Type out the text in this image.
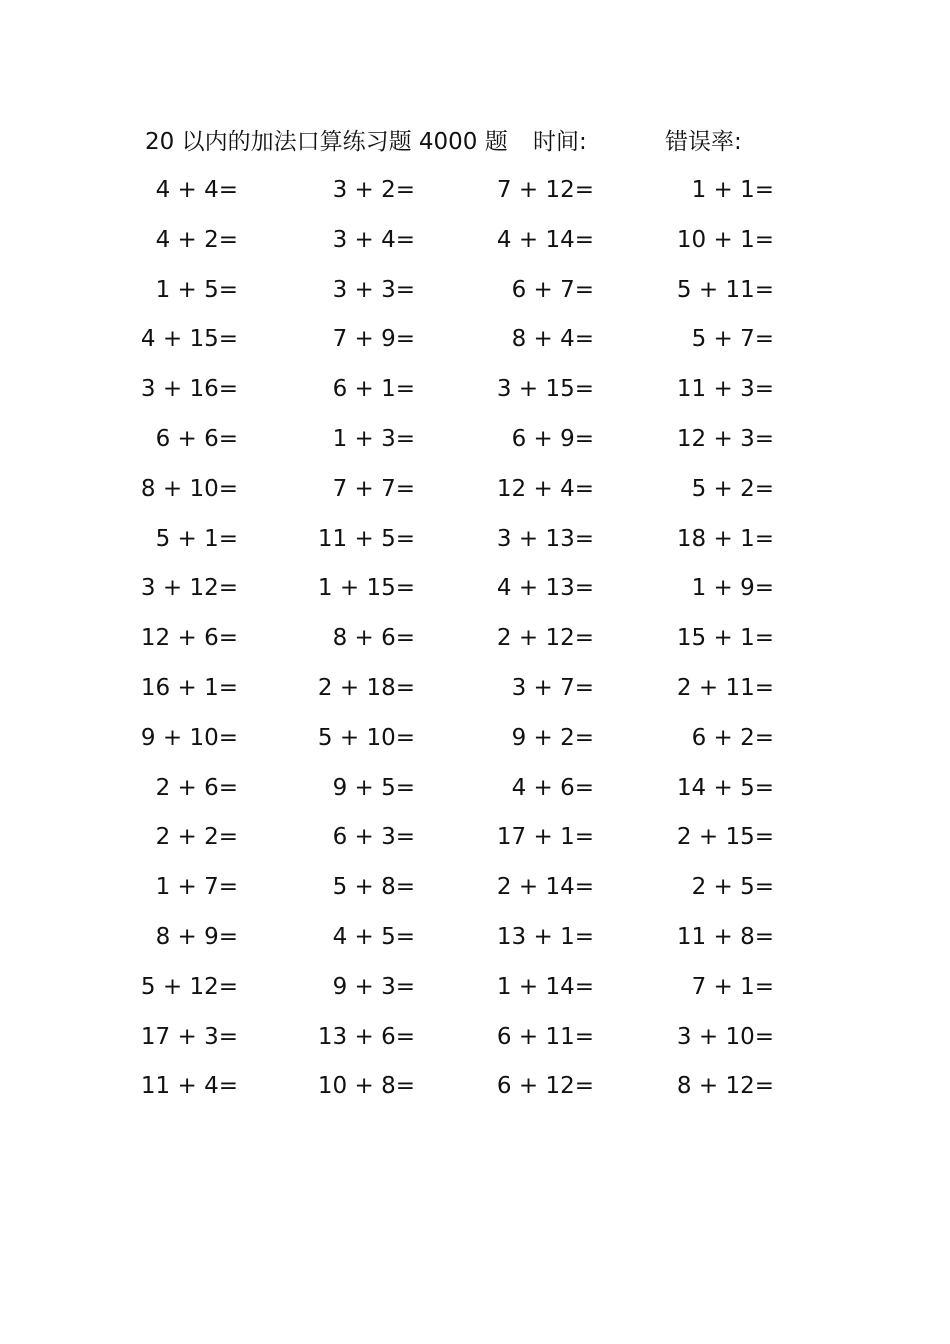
20 以内的加法口算练习题 4000 题 时间:	错误率:
4 + 4=	3 + 2=	7 + 12=	1 + 1=
4 + 2=	3 + 4=	4 + 14=	10 + 1=
1 + 5=	3 + 3=	6 + 7=	5 + 11=
4 + 15=	7 + 9=	8 + 4=	5 + 7=
3 + 16=	6 + 1=	3 + 15=	11 + 3=
6 + 6=	1 + 3=	6 + 9=	12 + 3=
8 + 10=	7 + 7=	12 + 4=	5 + 2=
5 + 1=	11 + 5=	3 + 13=	18 + 1=
3 + 12=	1 + 15=	4 + 13=	1 + 9=
12 + 6=	8 + 6=	2 + 12=	15 + 1=
16 + 1=	2 + 18=	3 + 7=	2 + 11=
9 + 10=	5 + 10=	9 + 2=	6 + 2=
2 + 6=	9 + 5=	4 + 6=	14 + 5=
2 + 2=	6 + 3=	17 + 1=	2 + 15=
1 + 7=	5 + 8=	2 + 14=	2 + 5=
8 + 9=	4 + 5=	13 + 1=	11 + 8=
5 + 12=	9 + 3=	1 + 14=	7 + 1=
17 + 3=	13 + 6=	6 + 11=	3 + 10=
11 + 4=	10 + 8=	6 + 12=	8 + 12=
